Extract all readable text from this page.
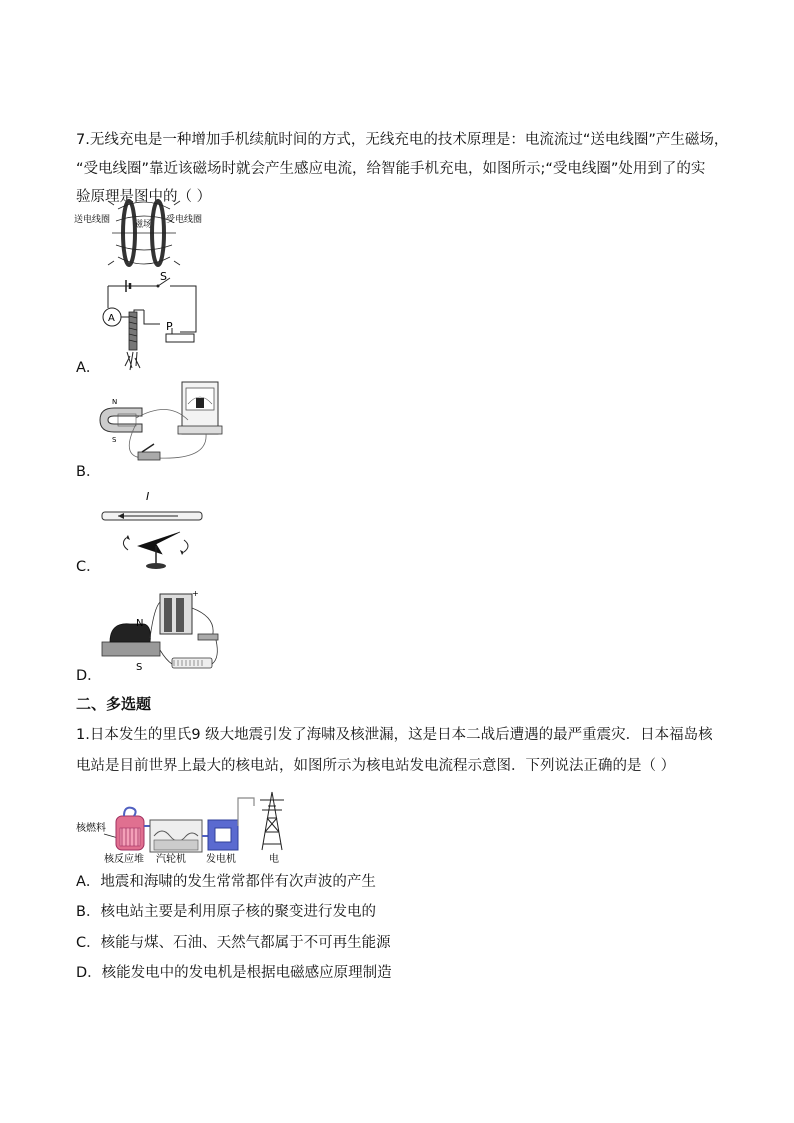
7.无线充电是一种增加手机续航时间的方式，无线充电的技术原理是：电流流过“送电线圈”产生磁场，
“受电线圈”靠近该磁场时就会产生感应电流，给智能手机充电，如图所示;“受电线圈”处用到了的实
验原理是图中的（ ）
送电线圈	磁场 受电线圈
S
A
P
A．
N
S
B．
I
C．
+
N
S
D．
二、多选题
1.日本发生的里氏9 级大地震引发了海啸及核泄漏，这是日本二战后遭遇的最严重震灾．日本福岛核
电站是目前世界上最大的核电站，如图所示为核电站发电流程示意图．下列说法正确的是（ ）
核燃料
核反应堆 汽轮机 发电机	电
A．地震和海啸的发生常常都伴有次声波的产生
B．核电站主要是利用原子核的聚变进行发电的
C．核能与煤、石油、天然气都属于不可再生能源
D．核能发电中的发电机是根据电磁感应原理制造
